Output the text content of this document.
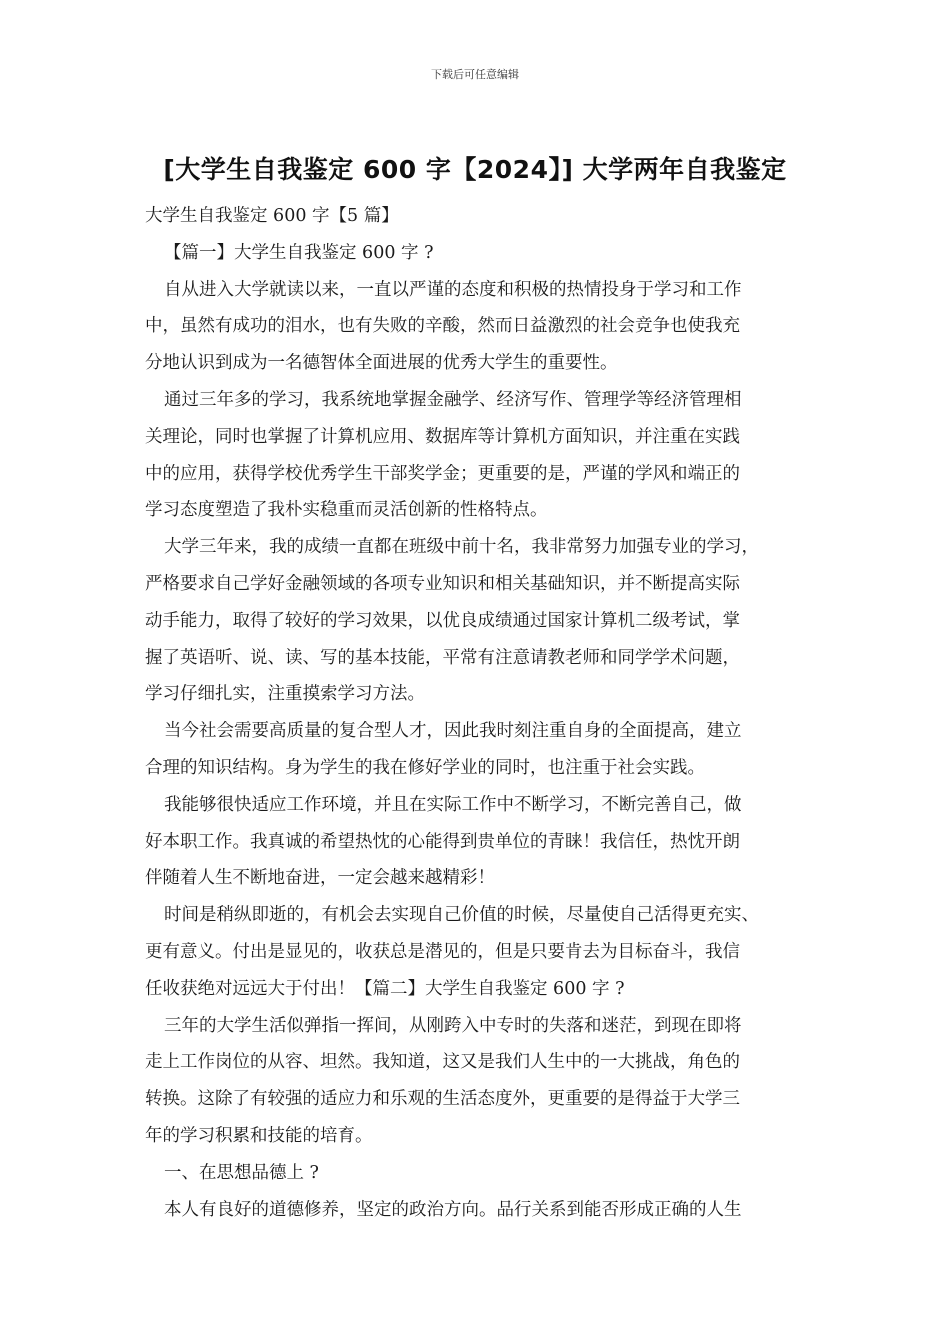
下载后可任意编辑
[大学生自我鉴定 600 字【2024】] 大学两年自我鉴定
大学生自我鉴定 600 字【5 篇】
【篇一】大学生自我鉴定 600 字 ?
自从进入大学就读以来，一直以严谨的态度和积极的热情投身于学习和工作
中，虽然有成功的泪水，也有失败的辛酸，然而日益激烈的社会竞争也使我充
分地认识到成为一名德智体全面进展的优秀大学生的重要性。
通过三年多的学习，我系统地掌握金融学、经济写作、管理学等经济管理相
关理论，同时也掌握了计算机应用、数据库等计算机方面知识，并注重在实践
中的应用，获得学校优秀学生干部奖学金；更重要的是，严谨的学风和端正的
学习态度塑造了我朴实稳重而灵活创新的性格特点。
大学三年来，我的成绩一直都在班级中前十名，我非常努力加强专业的学习，
严格要求自己学好金融领域的各项专业知识和相关基础知识，并不断提高实际
动手能力，取得了较好的学习效果，以优良成绩通过国家计算机二级考试，掌
握了英语听、说、读、写的基本技能，平常有注意请教老师和同学学术问题，
学习仔细扎实，注重摸索学习方法。
当今社会需要高质量的复合型人才，因此我时刻注重自身的全面提高，建立
合理的知识结构。身为学生的我在修好学业的同时，也注重于社会实践。
我能够很快适应工作环境，并且在实际工作中不断学习，不断完善自己，做
好本职工作。我真诚的希望热忱的心能得到贵单位的青睐！我信任，热忱开朗
伴随着人生不断地奋进，一定会越来越精彩！
时间是稍纵即逝的，有机会去实现自己价值的时候，尽量使自己活得更充实、
更有意义。付出是显见的，收获总是潜见的，但是只要肯去为目标奋斗，我信
任收获绝对远远大于付出！【篇二】大学生自我鉴定 600 字 ?
三年的大学生活似弹指一挥间，从刚跨入中专时的失落和迷茫，到现在即将
走上工作岗位的从容、坦然。我知道，这又是我们人生中的一大挑战，角色的
转换。这除了有较强的适应力和乐观的生活态度外，更重要的是得益于大学三
年的学习积累和技能的培育。
一、在思想品德上 ?
本人有良好的道德修养，坚定的政治方向。品行关系到能否形成正确的人生
